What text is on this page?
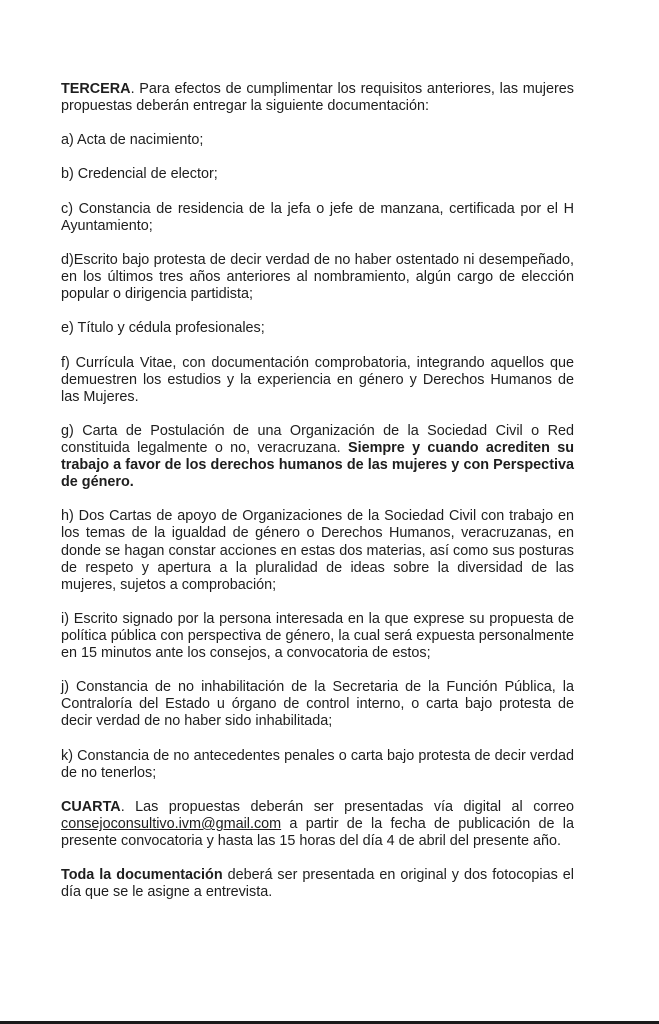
TERCERA. Para efectos de cumplimentar los requisitos anteriores, las mujeres propuestas deberán entregar la siguiente documentación:

a) Acta de nacimiento;

b) Credencial de elector;

c) Constancia de residencia de la jefa o jefe de manzana, certificada por el H Ayuntamiento;

d)Escrito bajo protesta de decir verdad de no haber ostentado ni desempeñado, en los últimos tres años anteriores al nombramiento, algún cargo de elección popular o dirigencia partidista;

e) Título y cédula profesionales;

f) Currícula Vitae, con documentación comprobatoria, integrando aquellos que demuestren los estudios y la experiencia en género y Derechos Humanos de las Mujeres.

g) Carta de Postulación de una Organización de la Sociedad Civil o Red constituida legalmente o no, veracruzana. Siempre y cuando acrediten su trabajo a favor de los derechos humanos de las mujeres y con Perspectiva de género.

h) Dos Cartas de apoyo de Organizaciones de la Sociedad Civil con trabajo en los temas de la igualdad de género o Derechos Humanos, veracruzanas, en donde se hagan constar acciones en estas dos materias, así como sus posturas de respeto y apertura a la pluralidad de ideas sobre la diversidad de las mujeres, sujetos a comprobación;

i) Escrito signado por la persona interesada en la que exprese su propuesta de política pública con perspectiva de género, la cual será expuesta personalmente en 15 minutos ante los consejos, a convocatoria de estos;

j) Constancia de no inhabilitación de la Secretaria de la Función Pública, la Contraloría del Estado u órgano de control interno, o carta bajo protesta de decir verdad de no haber sido inhabilitada;

k) Constancia de no antecedentes penales o carta bajo protesta de decir verdad de no tenerlos;

CUARTA. Las propuestas deberán ser presentadas vía digital al correo consejoconsultivo.ivm@gmail.com a partir de la fecha de publicación de la presente convocatoria y hasta las 15 horas del día 4 de abril del presente año.

Toda la documentación deberá ser presentada en original y dos fotocopias el día que se le asigne a entrevista.
